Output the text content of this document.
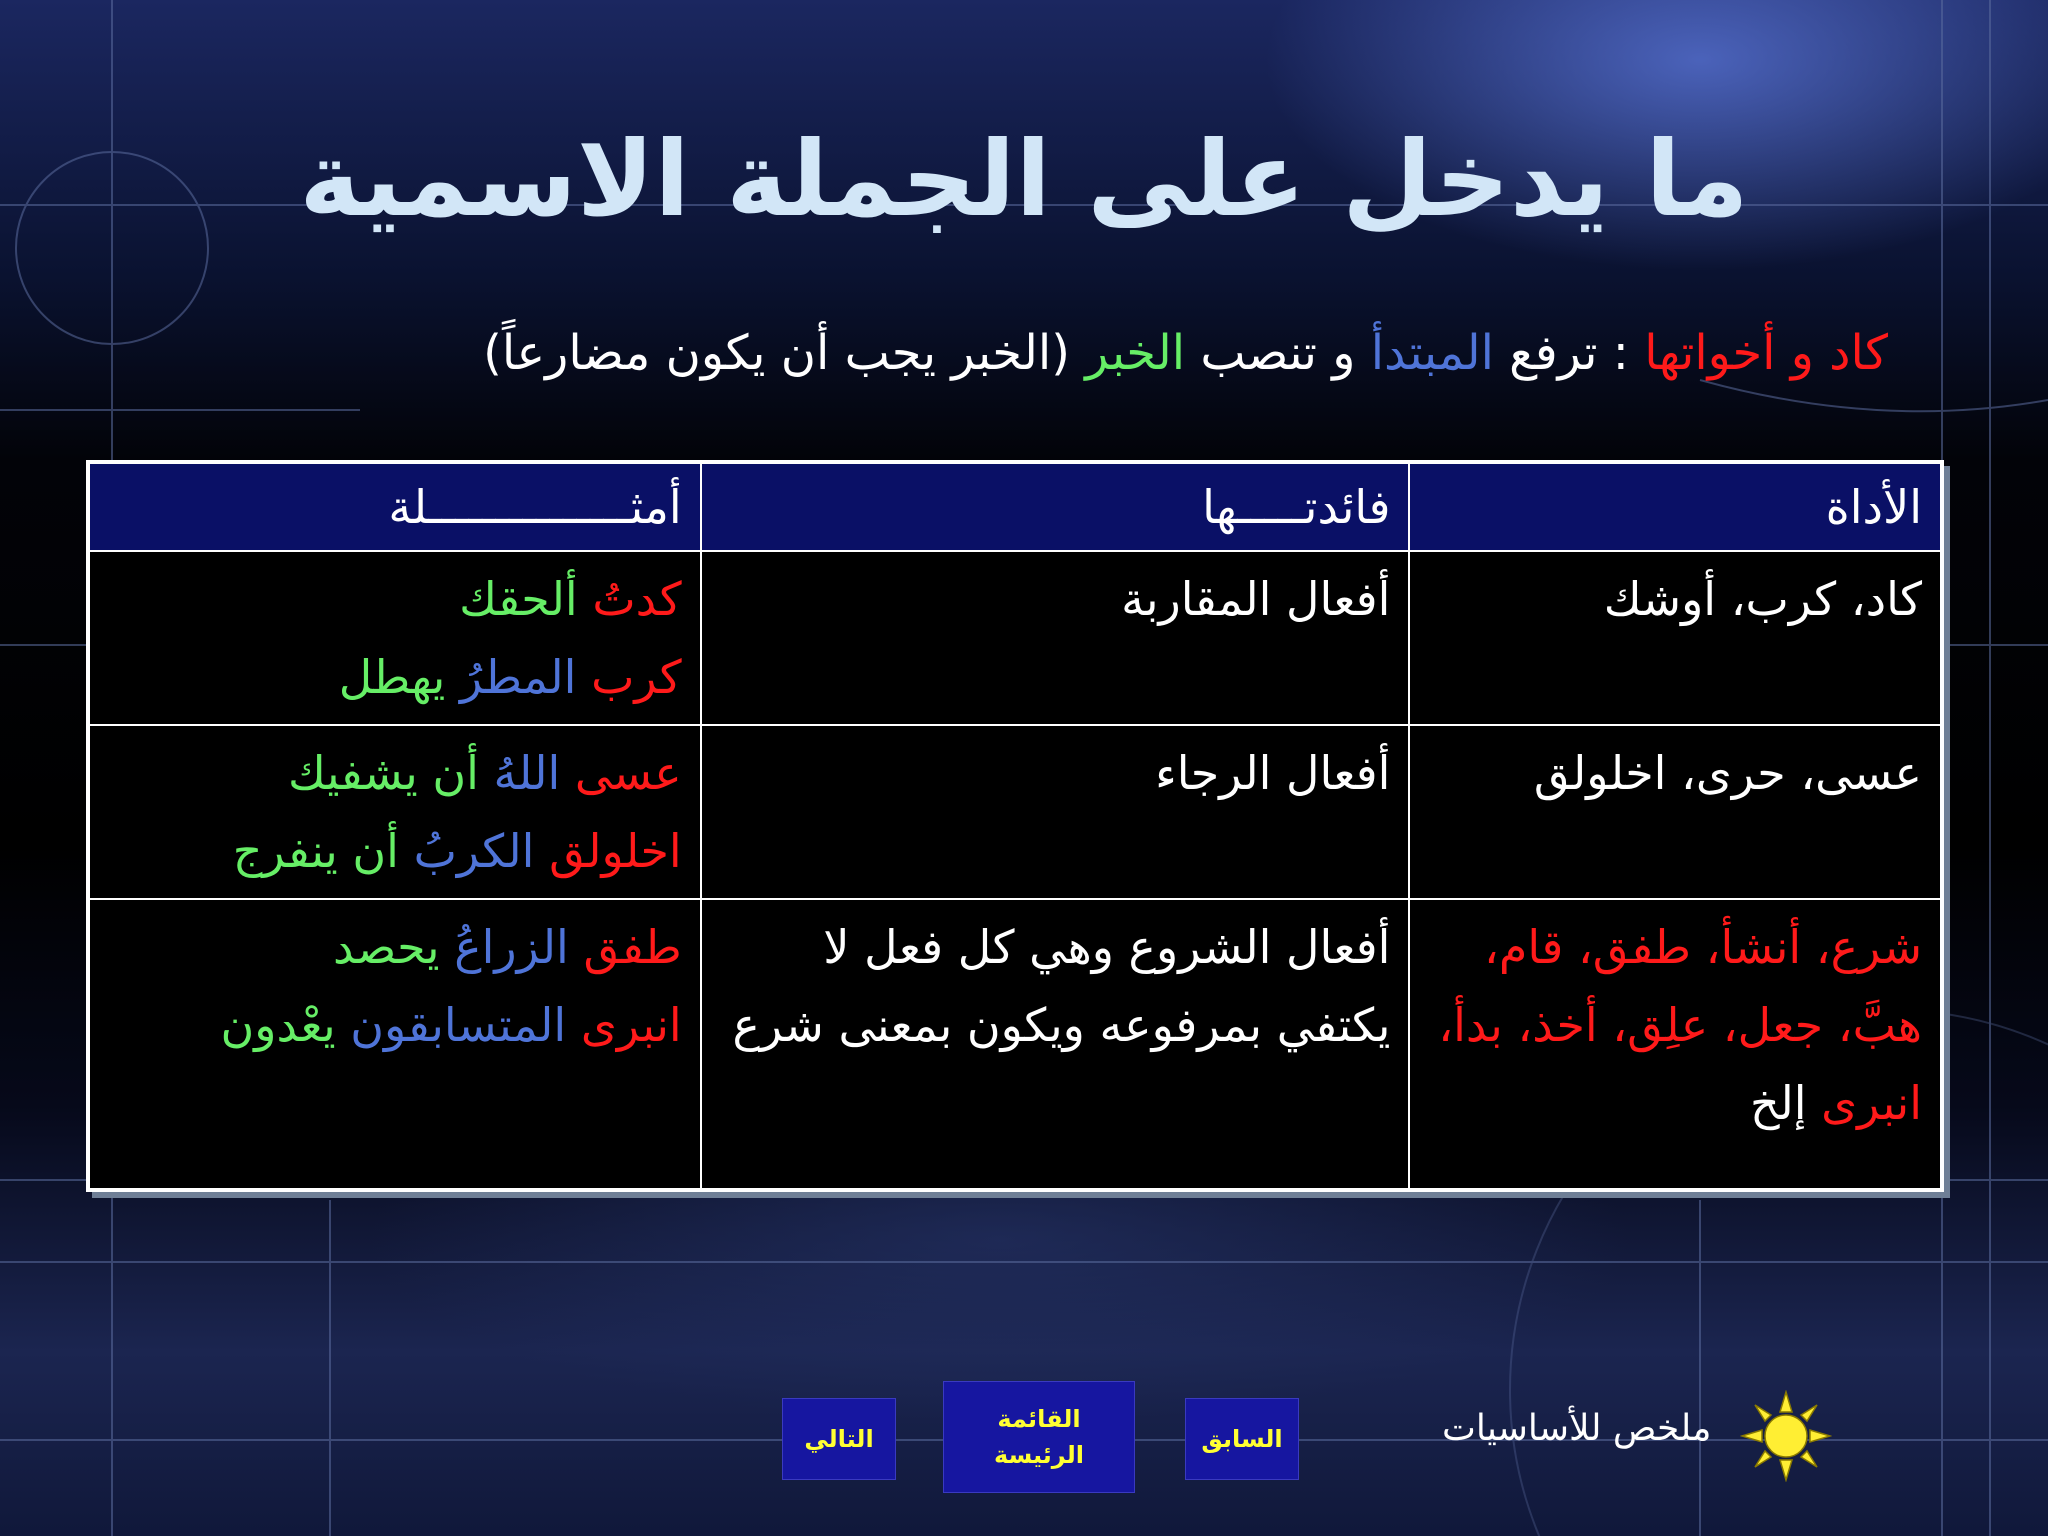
ما يدخل على الجملة الاسمية
كاد و أخواتها : ترفع المبتدأ و تنصب الخبر (الخبر يجب أن يكون مضارعاً)
الأداة	فائدتـــــها	أمثـــــــــــــــلة
كاد، كرب، أوشك	أفعال المقاربة	كدتُ ألحقك
كرب المطرُ يهطل

عسى، حرى، اخلولق	أفعال الرجاء	عسى اللهُ أن يشفيك
اخلولق الكربُ أن ينفرج

شرع، أنشأ، طفق، قام، هبَّ، جعل، علِق، أخذ، بدأ، انبرى إلخ	أفعال الشروع وهي كل فعل لا يكتفي بمرفوعه ويكون بمعنى شرع	طفق الزراعُ يحصد
انبرى المتسابقون يعْدون
التالي
القائمة الرئيسة
السابق	ملخص للأساسيات
